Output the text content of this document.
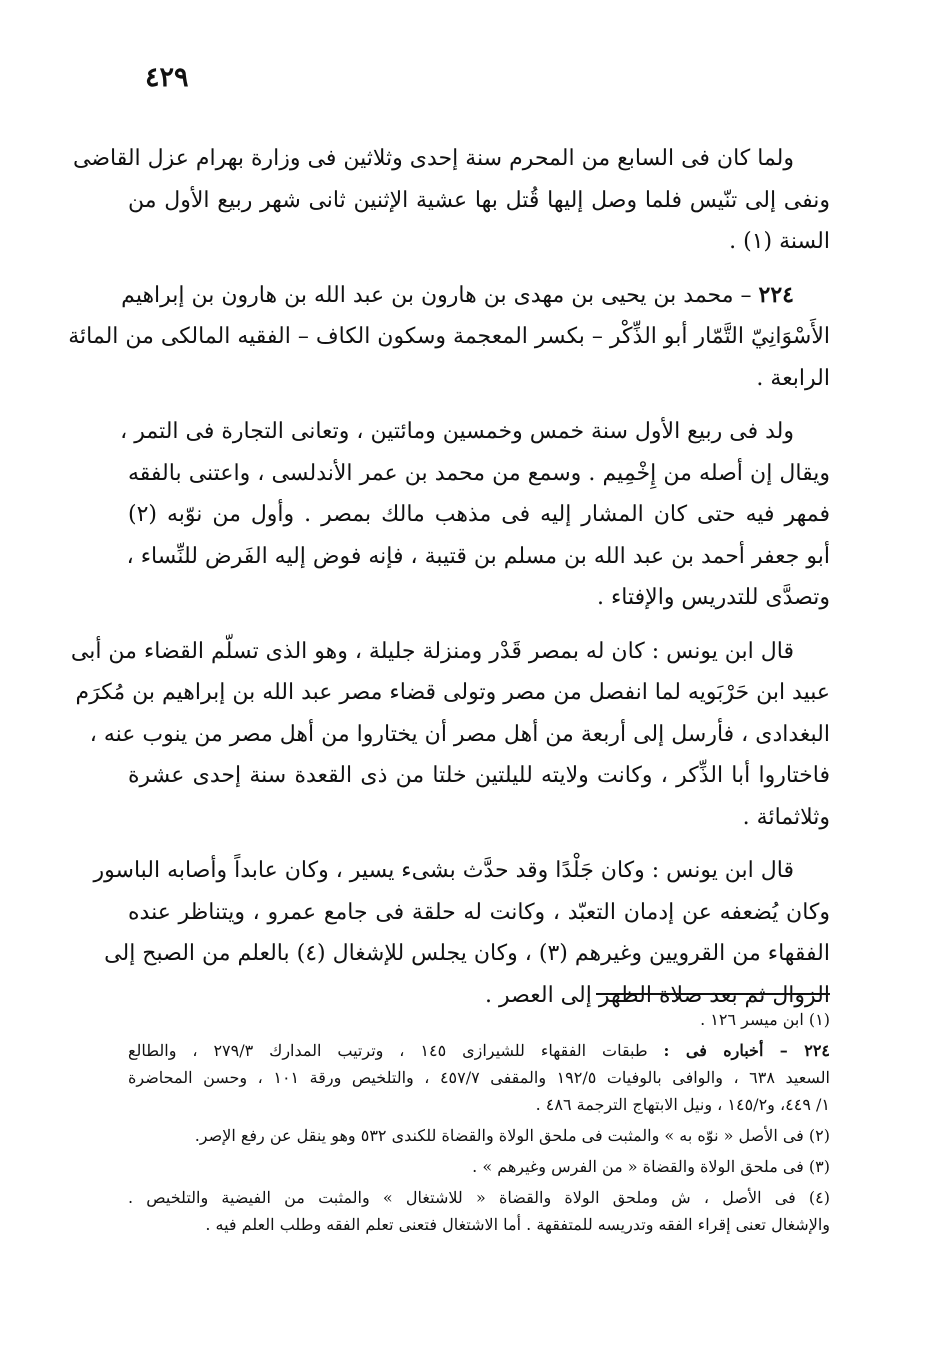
٤٢٩
ولما كان فى السابع من المحرم سنة إحدى وثلاثين فى وزارة بهرام عزل القاضى
ونفى إلى تنّيس فلما وصل إليها قُتل بها عشية الإثنين ثانى شهر ربيع الأول من
السنة (١) .
٢٢٤ – محمد بن يحيى بن مهدى بن هارون بن عبد الله بن هارون بن إبراهيم
الأَسْوَانِيّ التَّمّار أبو الذِّكْر – بكسر المعجمة وسكون الكاف – الفقيه المالكى من المائة
الرابعة .
ولد فى ربيع الأول سنة خمس وخمسين ومائتين ، وتعانى التجارة فى التمر ،
ويقال إن أصله من إِخْمِيم . وسمع من محمد بن عمر الأندلسى ، واعتنى بالفقه
فمهر فيه حتى كان المشار إليه فى مذهب مالك بمصر . وأول من نوّبه (٢)
أبو جعفر أحمد بن عبد الله بن مسلم بن قتيبة ، فإنه فوض إليه الفَرض للنِّساء ،
وتصدَّى للتدريس والإفتاء .
قال ابن يونس : كان له بمصر قَدْر ومنزلة جليلة ، وهو الذى تسلّم القضاء من أبى
عبيد ابن حَرْبَويه لما انفصل من مصر وتولى قضاء مصر عبد الله بن إبراهيم بن مُكرَم
البغدادى ، فأرسل إلى أربعة من أهل مصر أن يختاروا من أهل مصر من ينوب عنه ،
فاختاروا أبا الذِّكر ، وكانت ولايته لليلتين خلتا من ذى القعدة سنة إحدى عشرة
وثلاثمائة .
قال ابن يونس : وكان جَلْدًا وقد حدَّث بشىء يسير ، وكان عابداً وأصابه الباسور
وكان يُضعفه عن إدمان التعبّد ، وكانت له حلقة فى جامع عمرو ، ويتناظر عنده
الفقهاء من القرويين وغيرهم (٣) ، وكان يجلس للإشغال (٤) بالعلم من الصبح إلى
الزوال ثم بعد صلاة الظهر إلى العصر .
(١) ابن ميسر ١٢٦ .
٢٢٤ – أخباره فى : طبقات الفقهاء للشيرازى ١٤٥ ، وترتيب المدارك ٢٧٩/٣ ، والطالع
السعيد ٦٣٨ ، والوافى بالوفيات ١٩٢/٥ والمقفى ٤٥٧/٧ ، والتلخيص ورقة ١٠١ ، وحسن المحاضرة
١/ ٤٤٩، و١٤٥/٢ ، ونيل الابتهاج الترجمة ٤٨٦ .
(٢) فى الأصل « نوّه به » والمثبت فى ملحق الولاة والقضاة للكندى ٥٣٢ وهو ينقل عن رفع الإصر.
(٣) فى ملحق الولاة والقضاة « من الفرس وغيرهم » .
(٤) فى الأصل ، ش وملحق الولاة والقضاة « للاشتغال » والمثبت من الفيضية والتلخيص .
والإشغال تعنى إقراء الفقه وتدريسه للمتفقهة . أما الاشتغال فتعنى تعلم الفقه وطلب العلم فيه .
